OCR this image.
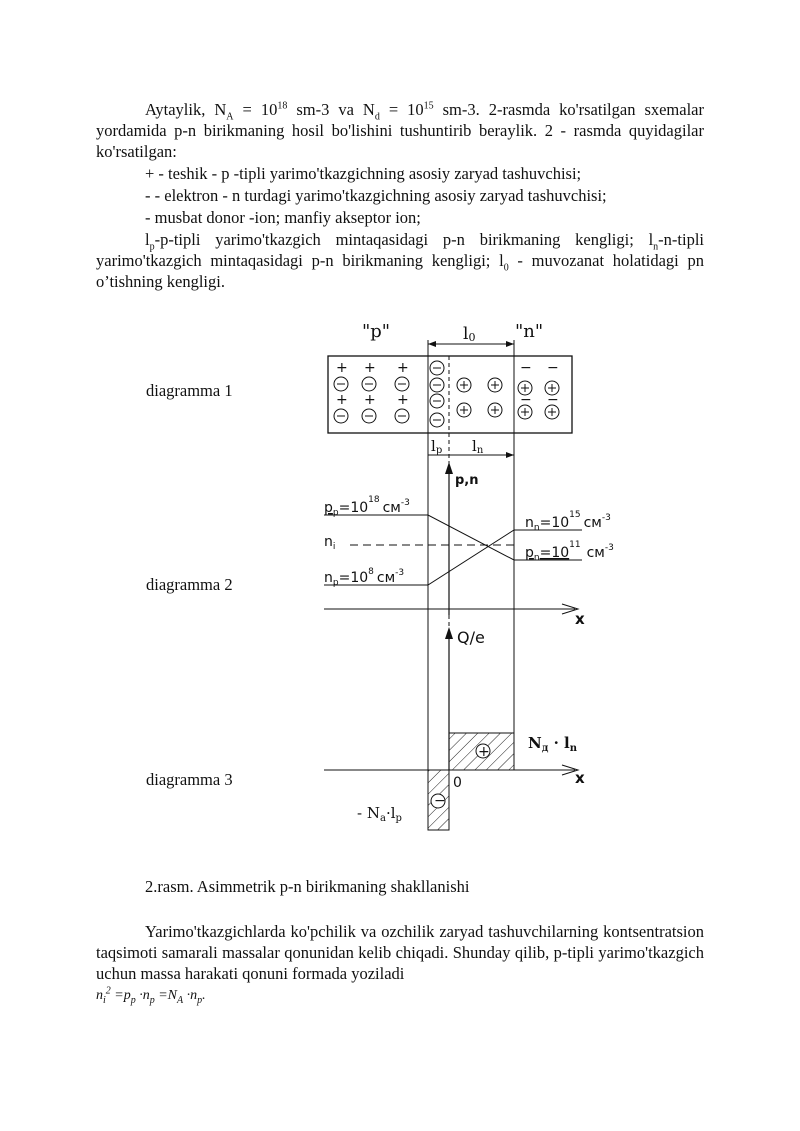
Aytaylik, $N_A = 10^{18}$ sm-3 va $N_d = 10^{15}$ sm-3. 2-rasmda ko'rsatilgan sxemalar yordamida p-n birikmaning hosil bo'lishini tushuntirib beraylik. 2 - rasmda quyidagilar ko'rsatilgan:

+ - teshik - p -tipli yarimo'tkazgichning asosiy zaryad tashuvchisi;

- - elektron - n turdagi yarimo'tkazgichning asosiy zaryad tashuvchisi;

- musbat donor -ion; manfiy akseptor ion;

$l_p-p$-tipli yarimo'tkazgich mintaqasidagi p-n birikmaning kengligi; $l_n-n$-tipli yarimo'tkazgich mintaqasidagi p-n birikmaning kengligi; $l_0$ - muvozanat holatidagi pn o’tishning kengligi.

diagramma 1
diagramma 2
diagramma 3
"p"	"n"
l0
+
+
+
+
+
+
−
−
−
−
lp ln
p,n
$p_p=10^{18}$ $см^{-3}$
$n_i$
$n_p=10^8$ $см^{-3}$
$n_n=10^{15}$ $см^{-3}$
$p_n=10^{11}$ $см^{-3}$
x
Q/e
+
−
x
0
$N_д \cdot l_n$
- $N_a\cdot l_p$

2.rasm. Asimmetrik p-n birikmaning shakllanishi

Yarimo'tkazgichlarda ko'pchilik va ozchilik zaryad tashuvchilarning kontsentratsion taqsimoti samarali massalar qonunidan kelib chiqadi. Shunday qilib, p-tipli yarimo'tkazgich uchun massa harakati qonuni formada yoziladi

$n_i^2 =p_p \cdot n_p =N_A \cdot n_p$.
